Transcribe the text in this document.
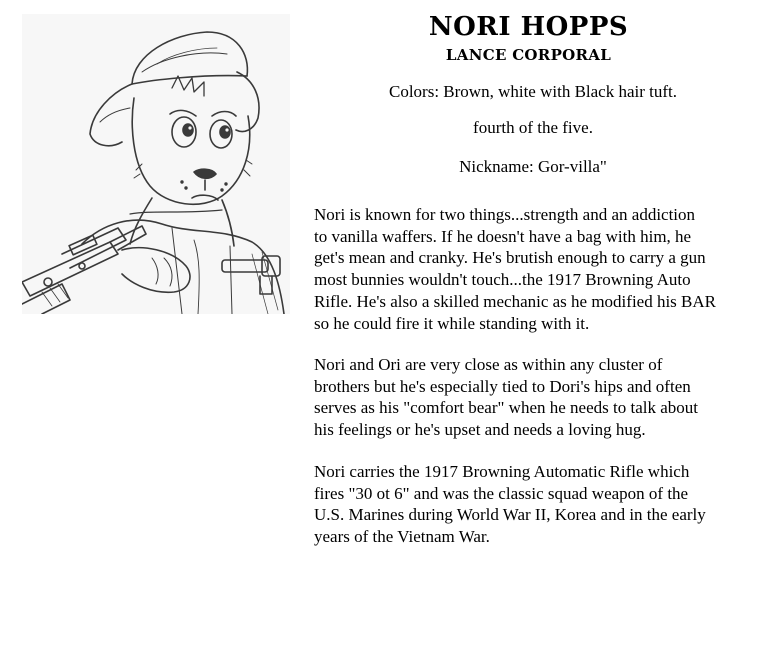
NORI HOPPS
LANCE CORPORAL
Colors: Brown, white with Black hair tuft.
fourth of the five.
Nickname: Gor-villa"

Nori is known for two things...strength and an addiction
to vanilla waffers. If he doesn't have a bag with him, he
get's mean and cranky. He's brutish enough to carry a gun
most bunnies wouldn't touch...the 1917 Browning Auto
Rifle. He's also a skilled mechanic as he modified his BAR
so he could fire it while standing with it.

Nori and Ori are very close as within any cluster of
brothers but he's especially tied to Dori's hips and often
serves as his "comfort bear" when he needs to talk about
his feelings or he's upset and needs a loving hug.

Nori carries the 1917 Browning Automatic Rifle which
fires "30 ot 6" and was the classic squad weapon of the
U.S. Marines during World War II, Korea and in the early
years of the Vietnam War.
